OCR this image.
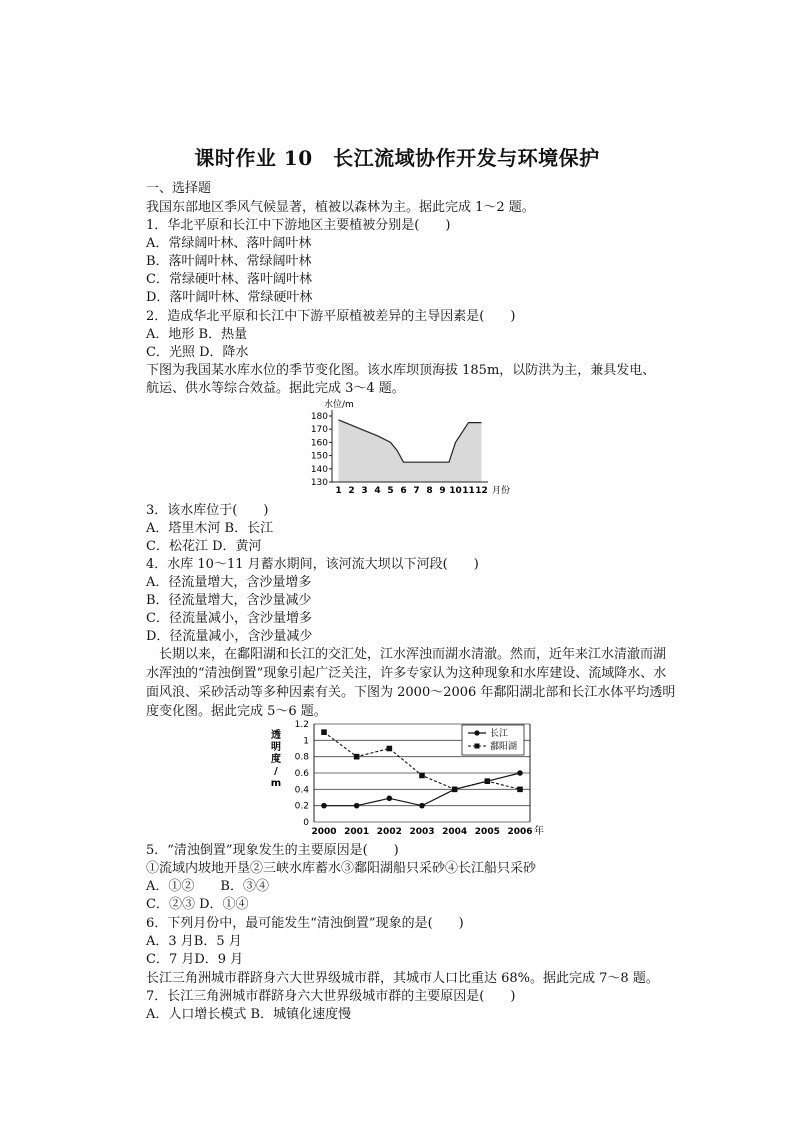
课时作业 10　长江流域协作开发与环境保护
一、选择题
我国东部地区季风气候显著，植被以森林为主。据此完成 1～2 题。
1．华北平原和长江中下游地区主要植被分别是(　　)
A．常绿阔叶林、落叶阔叶林
B．落叶阔叶林、常绿阔叶林
C．常绿硬叶林、落叶阔叶林
D．落叶阔叶林、常绿硬叶林
2．造成华北平原和长江中下游平原植被差异的主导因素是(　　)
A．地形 B．热量
C．光照 D．降水
下图为我国某水库水位的季节变化图。该水库坝顶海拔 185m，以防洪为主，兼具发电、
航运、供水等综合效益。据此完成 3～4 题。
130
140
150
160
170
180
1 2 3 4 5 6 7 8 9 10 11 12
水位/m
月份
3．该水库位于(　　)
A．塔里木河 B．长江
C．松花江 D．黄河
4．水库 10～11 月蓄水期间，该河流大坝以下河段(　　)
A．径流量增大，含沙量增多
B．径流量增大，含沙量减少
C．径流量减小，含沙量增多
D．径流量减小，含沙量减少
长期以来，在鄱阳湖和长江的交汇处，江水浑浊而湖水清澈。然而，近年来江水清澈而湖水浑浊的“清浊倒置”现象引起广泛关注，许多专家认为这种现象和水库建设、流域降水、水面风浪、采砂活动等多种因素有关。下图为 2000～2006 年鄱阳湖北部和长江水体平均透明度变化图。据此完成 5～6 题。
0
0.2
0.4
0.6
0.8
1
1.2
2000 2001 2002 2003 2004 2005 2006 年
透
明
度
/
m
长江
鄱阳湖
5．“清浊倒置”现象发生的主要原因是(　　)
①流域内坡地开垦②三峡水库蓄水③鄱阳湖船只采砂④长江船只采砂
A．①②　　B．③④
C．②③ D．①④
6．下列月份中，最可能发生“清浊倒置”现象的是(　　)
A．3 月B．5 月
C．7 月D．9 月
长江三角洲城市群跻身六大世界级城市群，其城市人口比重达 68%。据此完成 7～8 题。
7．长江三角洲城市群跻身六大世界级城市群的主要原因是(　　)
A．人口增长模式 B．城镇化速度慢
